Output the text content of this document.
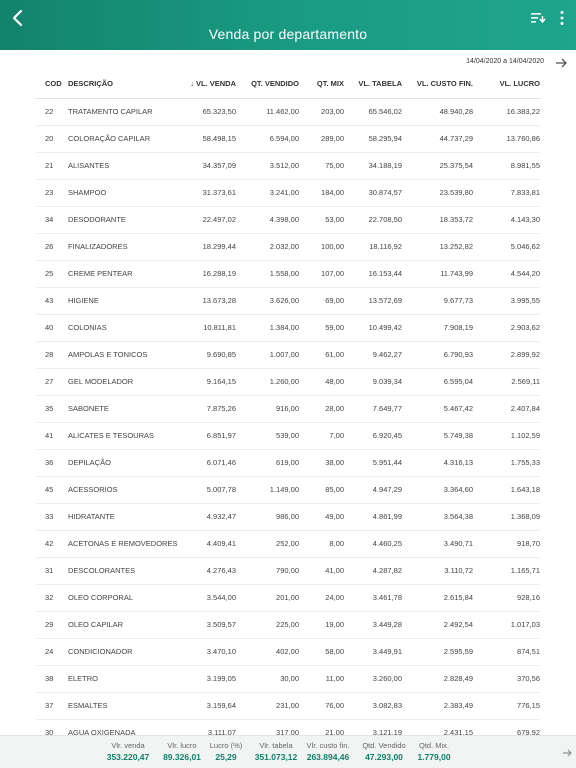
Venda por departamento
14/04/2020 a 14/04/2020
COD	DESCRIÇÃO	↓ VL. VENDA	QT. VENDIDO	QT. MIX	VL. TABELA	VL. CUSTO FIN.	VL. LUCRO
22	TRATAMENTO CAPILAR	65.323,50	11.462,00	203,00	65.546,02	48.940,28	16.383,22
20	COLORAÇÃO CAPILAR	58.498,15	6.594,00	289,00	58.295,94	44.737,29	13.760,86
21	ALISANTES	34.357,09	3.512,00	75,00	34.188,19	25.375,54	8.981,55
23	SHAMPOO	31.373,61	3.241,00	184,00	30.874,57	23.539,80	7.833,81
34	DESODORANTE	22.497,02	4.398,00	53,00	22.708,50	18.353,72	4.143,30
26	FINALIZADORES	18.299,44	2.032,00	100,00	18.116,92	13.252,82	5.046,62
25	CREME PENTEAR	16.288,19	1.558,00	107,00	16.153,44	11.743,99	4.544,20
43	HIGIENE	13.673,28	3.626,00	69,00	13.572,69	9.677,73	3.995,55
40	COLONIAS	10.811,81	1.384,00	59,00	10.499,42	7.908,19	2.903,62
28	AMPOLAS E TONICOS	9.690,85	1.007,00	61,00	9.462,27	6.790,93	2.899,92
27	GEL MODELADOR	9.164,15	1.260,00	48,00	9.039,34	6.595,04	2.569,11
35	SABONETE	7.875,26	916,00	28,00	7.649,77	5.467,42	2.407,84
41	ALICATES E TESOURAS	6.851,97	539,00	7,00	6.920,45	5.749,38	1.102,59
36	DEPILAÇÃO	6.071,46	619,00	38,00	5.951,44	4.316,13	1.755,33
45	ACESSORIOS	5.007,78	1.149,00	85,00	4.947,29	3.364,60	1.643,18
33	HIDRATANTE	4.932,47	986,00	49,00	4.861,99	3.564,38	1.368,09
42	ACETONAS E REMOVEDORES	4.409,41	252,00	8,00	4.460,25	3.490,71	918,70
31	DESCOLORANTES	4.276,43	790,00	41,00	4.287,82	3.110,72	1.165,71
32	OLEO CORPORAL	3.544,00	201,00	24,00	3.461,78	2.615,84	928,16
29	OLEO CAPILAR	3.509,57	225,00	19,00	3.449,28	2.492,54	1.017,03
24	CONDICIONADOR	3.470,10	402,00	58,00	3.449,91	2.595,59	874,51
38	ELETRO	3.199,05	30,00	11,00	3.260,00	2.828,49	370,56
37	ESMALTES	3.159,64	231,00	76,00	3.082,83	2.383,49	776,15
30	AGUA OXIGENADA	3.111,07	317,00	21,00	3.121,19	2.431,15	679,92
Vlr. venda
353.220,47
Vlr. lucro
89.326,01
Lucro (%)
25,29
Vlr. tabela
351.073,12
Vlr. custo fin.
263.894,46
Qtd. Vendido
47.293,00
Qtd. Mix.
1.779,00
